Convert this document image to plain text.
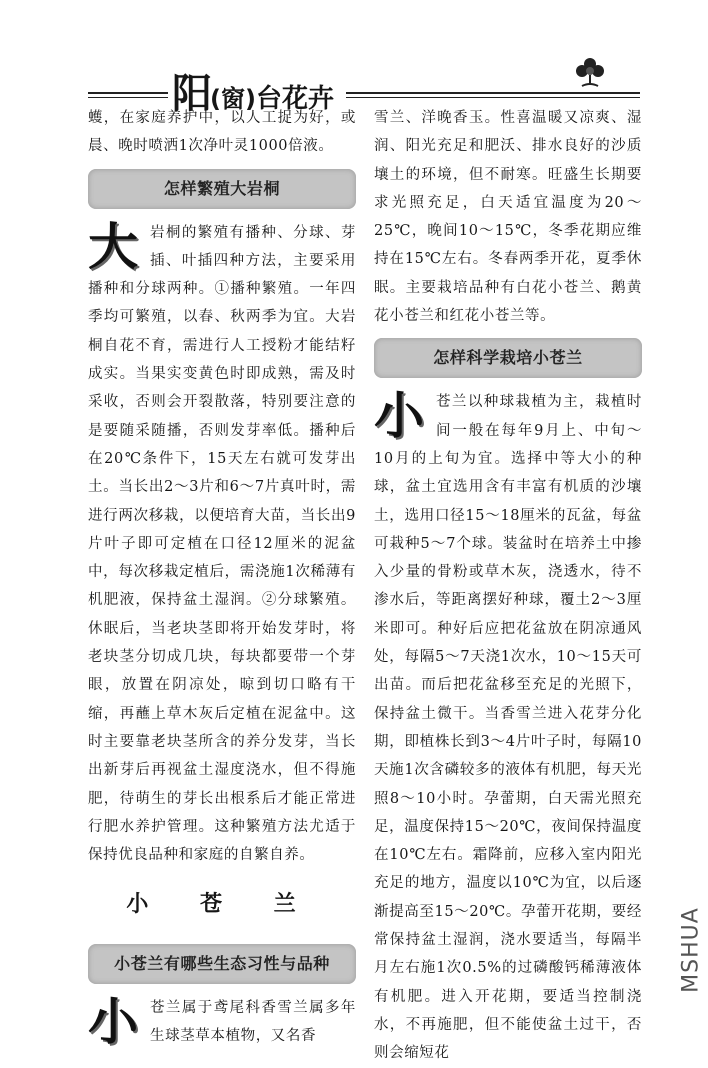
阳(窗)台花卉

蠖，在家庭养护中，以人工捉为好，或晨、晚时喷洒1次净叶灵1000倍液。

怎样繁殖大岩桐

大岩桐的繁殖有播种、分球、芽插、叶插四种方法，主要采用播种和分球两种。①播种繁殖。一年四季均可繁殖，以春、秋两季为宜。大岩桐自花不育，需进行人工授粉才能结籽成实。当果实变黄色时即成熟，需及时采收，否则会开裂散落，特别要注意的是要随采随播，否则发芽率低。播种后在20℃条件下，15天左右就可发芽出土。当长出2～3片和6～7片真叶时，需进行两次移栽，以便培育大苗，当长出9片叶子即可定植在口径12厘米的泥盆中，每次移栽定植后，需浇施1次稀薄有机肥液，保持盆土湿润。②分球繁殖。休眠后，当老块茎即将开始发芽时，将老块茎分切成几块，每块都要带一个芽眼，放置在阴凉处，晾到切口略有干缩，再蘸上草木灰后定植在泥盆中。这时主要靠老块茎所含的养分发芽，当长出新芽后再视盆土湿度浇水，但不得施肥，待萌生的芽长出根系后才能正常进行肥水养护管理。这种繁殖方法尤适于保持优良品种和家庭的自繁自养。

小 苍 兰
小苍兰有哪些生态习性与品种

小苍兰属于鸢尾科香雪兰属多年生球茎草本植物，又名香

雪兰、洋晚香玉。性喜温暖又凉爽、湿润、阳光充足和肥沃、排水良好的沙质壤土的环境，但不耐寒。旺盛生长期要求光照充足，白天适宜温度为20～25℃，晚间10～15℃，冬季花期应维持在15℃左右。冬春两季开花，夏季休眠。主要栽培品种有白花小苍兰、鹅黄花小苍兰和红花小苍兰等。

怎样科学栽培小苍兰

小苍兰以种球栽植为主，栽植时间一般在每年9月上、中旬～10月的上旬为宜。选择中等大小的种球，盆土宜选用含有丰富有机质的沙壤土，选用口径15～18厘米的瓦盆，每盆可栽种5～7个球。装盆时在培养土中掺入少量的骨粉或草木灰，浇透水，待不渗水后，等距离摆好种球，覆土2～3厘米即可。种好后应把花盆放在阴凉通风处，每隔5～7天浇1次水，10～15天可出苗。而后把花盆移至充足的光照下，保持盆土微干。当香雪兰进入花芽分化期，即植株长到3～4片叶子时，每隔10天施1次含磷较多的液体有机肥，每天光照8～10小时。孕蕾期，白天需光照充足，温度保持15～20℃，夜间保持温度在10℃左右。霜降前，应移入室内阳光充足的地方，温度以10℃为宜，以后逐渐提高至15～20℃。孕蕾开花期，要经常保持盆土湿润，浇水要适当，每隔半月左右施1次0.5%的过磷酸钙稀薄液体有机肥。进入开花期，要适当控制浇水，不再施肥，但不能使盆土过干，否则会缩短花

MSHUA
